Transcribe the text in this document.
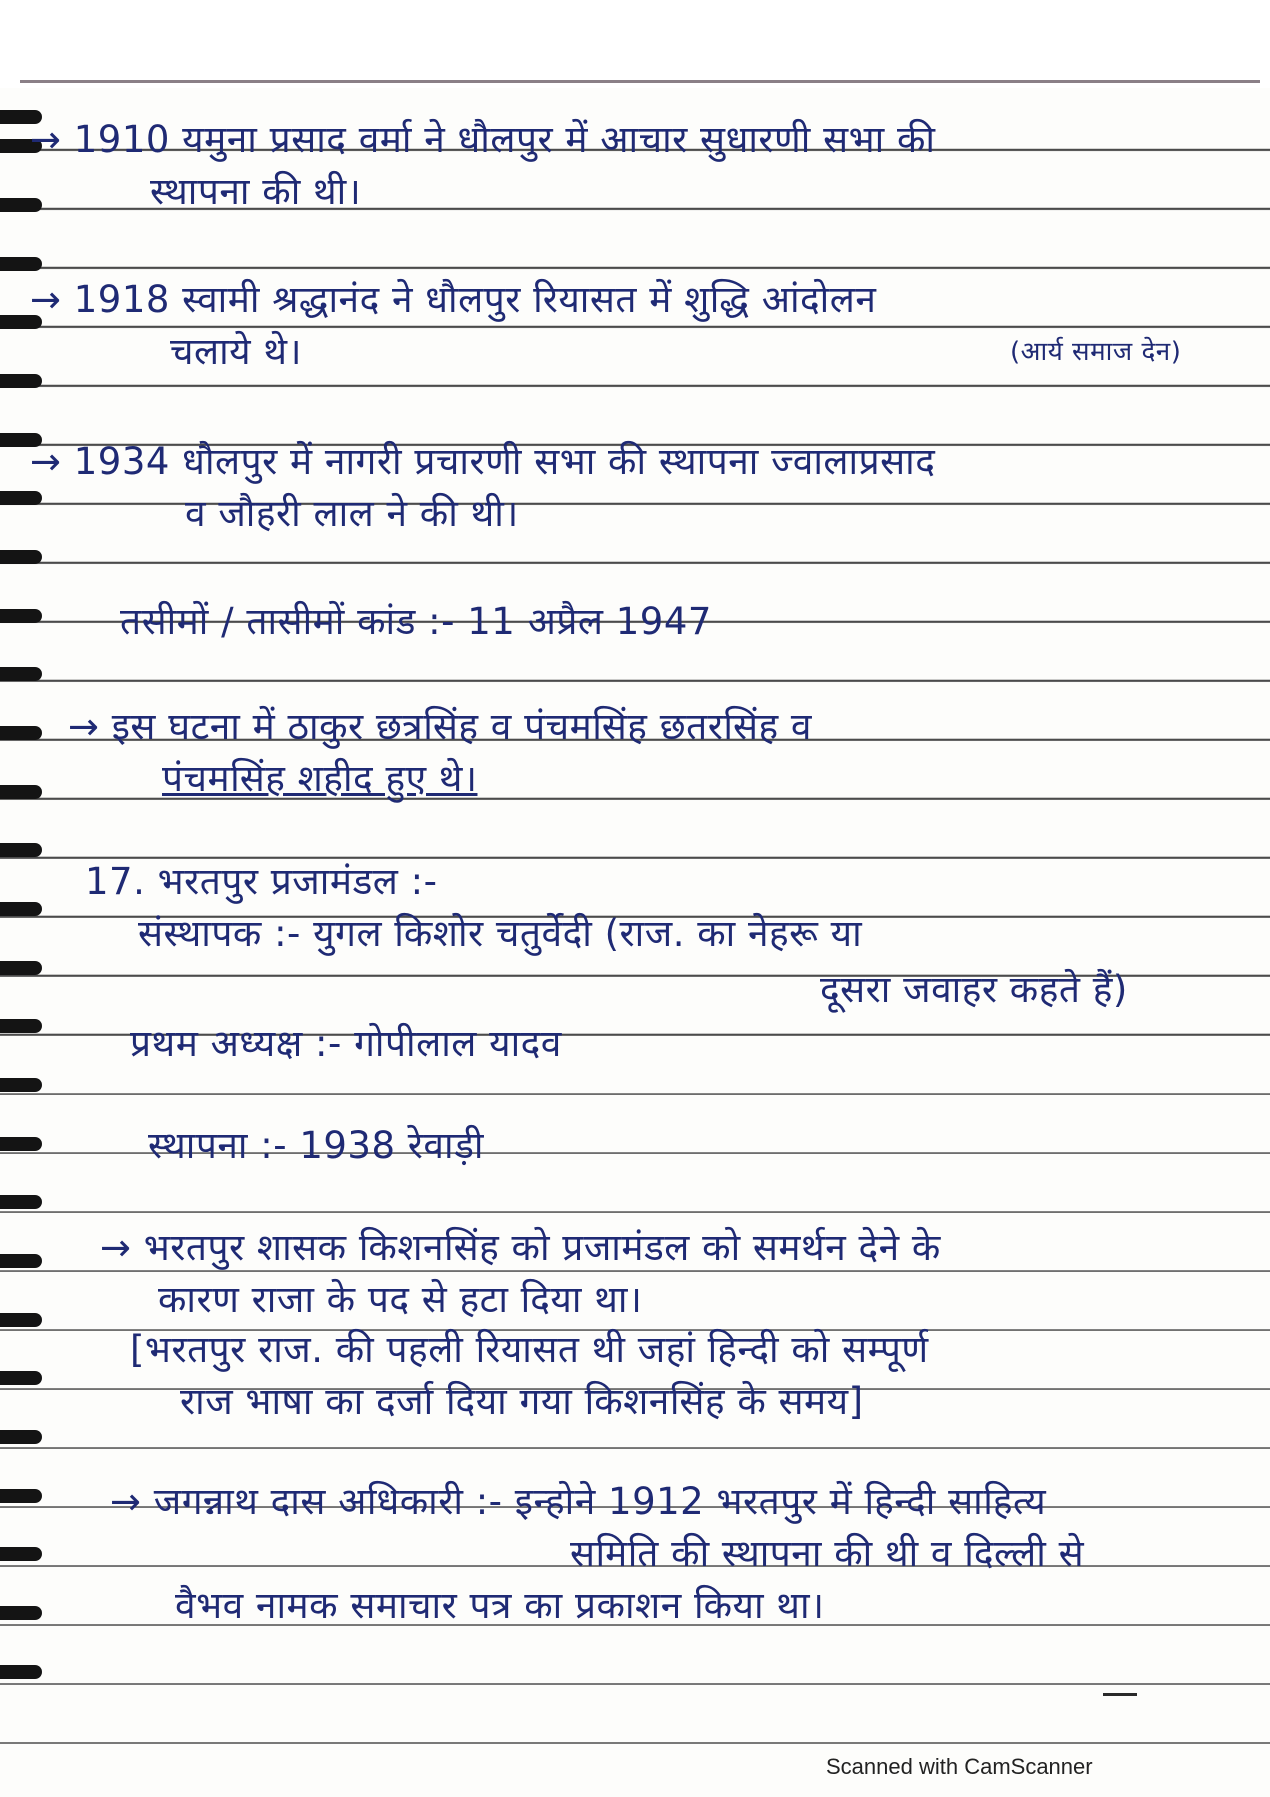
→ 1910 यमुना प्रसाद वर्मा ने धौलपुर में आचार सुधारणी सभा की

स्थापना की थी।

→ 1918 स्वामी श्रद्धानंद ने धौलपुर रियासत में शुद्धि आंदोलन

चलाये थे।	(आर्य समाज देन)

→ 1934 धौलपुर में नागरी प्रचारणी सभा की स्थापना ज्वालाप्रसाद

व जौहरी लाल ने की थी।

तसीमों / तासीमों कांड :- 11 अप्रैल 1947

→ इस घटना में ठाकुर छत्रसिंह व पंचमसिंह छतरसिंह व

पंचमसिंह शहीद हुए थे।

17. भरतपुर प्रजामंडल :-

संस्थापक :- युगल किशोर चतुर्वेदी (राज. का नेहरू या

दूसरा जवाहर कहते हैं)

प्रथम अध्यक्ष :- गोपीलाल यादव

स्थापना :- 1938 रेवाड़ी

→ भरतपुर शासक किशनसिंह को प्रजामंडल को समर्थन देने के

कारण राजा के पद से हटा दिया था।

[भरतपुर राज. की पहली रियासत थी जहां हिन्दी को सम्पूर्ण

राज भाषा का दर्जा दिया गया किशनसिंह के समय]

→ जगन्नाथ दास अधिकारी :- इन्होने 1912 भरतपुर में हिन्दी साहित्य

समिति की स्थापना की थी व दिल्ली से

वैभव नामक समाचार पत्र का प्रकाशन किया था।

Scanned with CamScanner
